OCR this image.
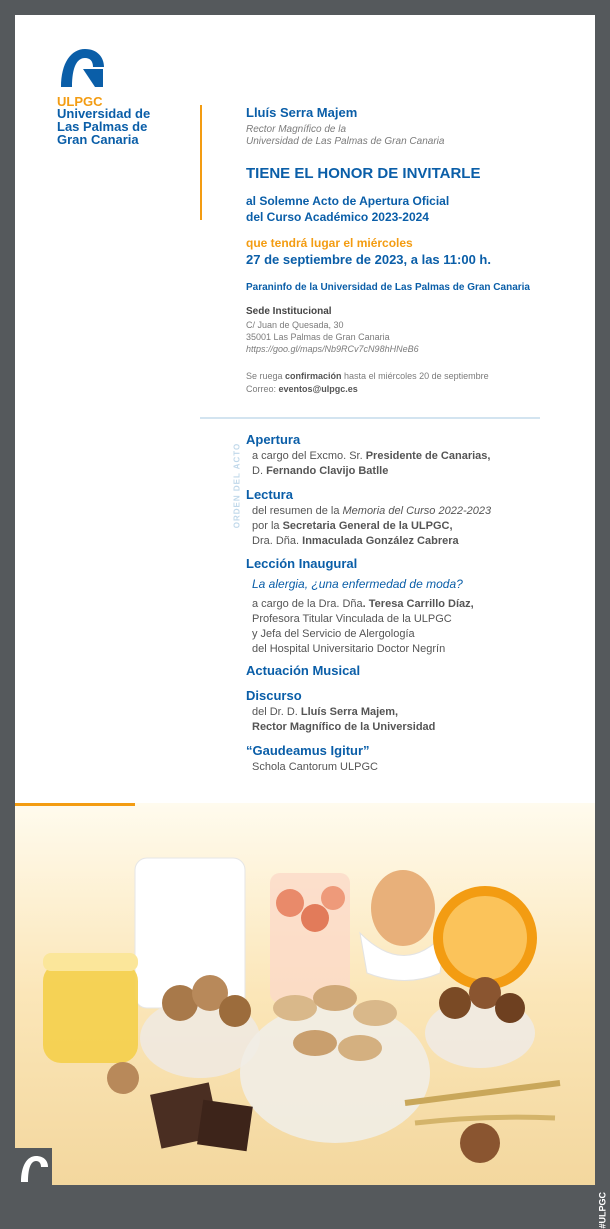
ULPGC
Universidad de
Las Palmas de
Gran Canaria
Lluís Serra Majem
Rector Magnífico de la
Universidad de Las Palmas de Gran Canaria
TIENE EL HONOR DE INVITARLE
al Solemne Acto de Apertura Oficial
del Curso Académico 2023-2024
que tendrá lugar el miércoles
27 de septiembre de 2023, a las 11:00 h.
Paraninfo de la Universidad de Las Palmas de Gran Canaria
Sede Institucional
C/ Juan de Quesada, 30
35001 Las Palmas de Gran Canaria
https://goo.gl/maps/Nb9RCv7cN98hHNeB6
Se ruega confirmación hasta el miércoles 20 de septiembre
Correo: eventos@ulpgc.es
ORDEN DEL ACTO
Apertura
a cargo del Excmo. Sr. Presidente de Canarias,
D. Fernando Clavijo Batlle
Lectura
del resumen de la Memoria del Curso 2022-2023
por la Secretaria General de la ULPGC,
Dra. Dña. Inmaculada González Cabrera
Lección Inaugural
La alergia, ¿una enfermedad de moda?
a cargo de la Dra. Dña. Teresa Carrillo Díaz,
Profesora Titular Vinculada de la ULPGC
y Jefa del Servicio de Alergología
del Hospital Universitario Doctor Negrín
Actuación Musical
Discurso
del Dr. D. Lluís Serra Majem,
Rector Magnífico de la Universidad
“Gaudeamus Igitur”
Schola Cantorum ULPGC
#ULPGC
